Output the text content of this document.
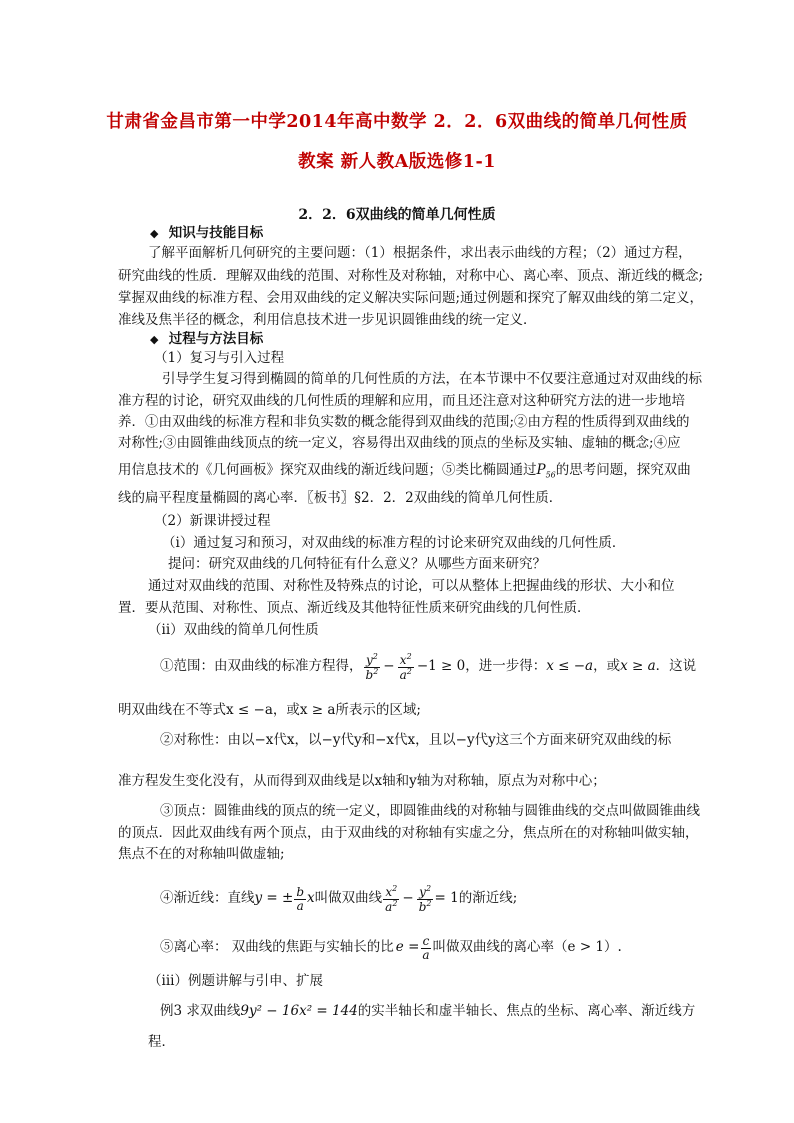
甘肃省金昌市第一中学2014年高中数学 2．2．6双曲线的简单几何性质
教案 新人教A版选修1-1
2．2．6双曲线的简单几何性质
◆ 知识与技能目标
了解平面解析几何研究的主要问题：（1）根据条件，求出表示曲线的方程；（2）通过方程，
研究曲线的性质．理解双曲线的范围、对称性及对称轴，对称中心、离心率、顶点、渐近线的概念;
掌握双曲线的标准方程、会用双曲线的定义解决实际问题;通过例题和探究了解双曲线的第二定义，
准线及焦半径的概念，利用信息技术进一步见识圆锥曲线的统一定义．
◆ 过程与方法目标
（1）复习与引入过程
引导学生复习得到椭圆的简单的几何性质的方法，在本节课中不仅要注意通过对双曲线的标
准方程的讨论，研究双曲线的几何性质的理解和应用，而且还注意对这种研究方法的进一步地培
养．①由双曲线的标准方程和非负实数的概念能得到双曲线的范围;②由方程的性质得到双曲线的
对称性;③由圆锥曲线顶点的统一定义，容易得出双曲线的顶点的坐标及实轴、虚轴的概念;④应
用信息技术的《几何画板》探究双曲线的渐近线问题；⑤类比椭圆通过$P_{56}$的思考问题，探究双曲
线的扁平程度量椭圆的离心率．〖板书〗§2．2．2双曲线的简单几何性质．
（2）新课讲授过程
（i）通过复习和预习，对双曲线的标准方程的讨论来研究双曲线的几何性质．
提问：研究双曲线的几何特征有什么意义？从哪些方面来研究？
通过对双曲线的范围、对称性及特殊点的讨论，可以从整体上把握曲线的形状、大小和位
置．要从范围、对称性、顶点、渐近线及其他特征性质来研究曲线的几何性质．
（ii）双曲线的简单几何性质
①范围：由双曲线的标准方程得， $\frac{y^2}{b^2} - \frac{x^2}{a^2} -1 \ge 0$ ，进一步得： x ≤ −a ，或 x ≥ a ．这说
明双曲线在不等式x ≤ −a，或x ≥ a所表示的区域;
②对称性：由以−x代x，以−y代y和−x代x，且以−y代y这三个方面来研究双曲线的标
准方程发生变化没有，从而得到双曲线是以x轴和y轴为对称轴，原点为对称中心；
③顶点：圆锥曲线的顶点的统一定义，即圆锥曲线的对称轴与圆锥曲线的交点叫做圆锥曲线
的顶点．因此双曲线有两个顶点，由于双曲线的对称轴有实虚之分，焦点所在的对称轴叫做实轴，
焦点不在的对称轴叫做虚轴;
④渐近线：直线 y = ± $\frac{b}{a}$ x 叫做双曲线 $\frac{x^2}{a^2} - \frac{y^2}{b^2} = 1$ 的渐近线;
⑤离心率： 双曲线的焦距与实轴长的比 $e = \frac{c}{a}$ 叫做双曲线的离心率（e > 1）.
（iii）例题讲解与引申、扩展
例3 求双曲线9y² − 16x² = 144的实半轴长和虚半轴长、焦点的坐标、离心率、渐近线方
程．
